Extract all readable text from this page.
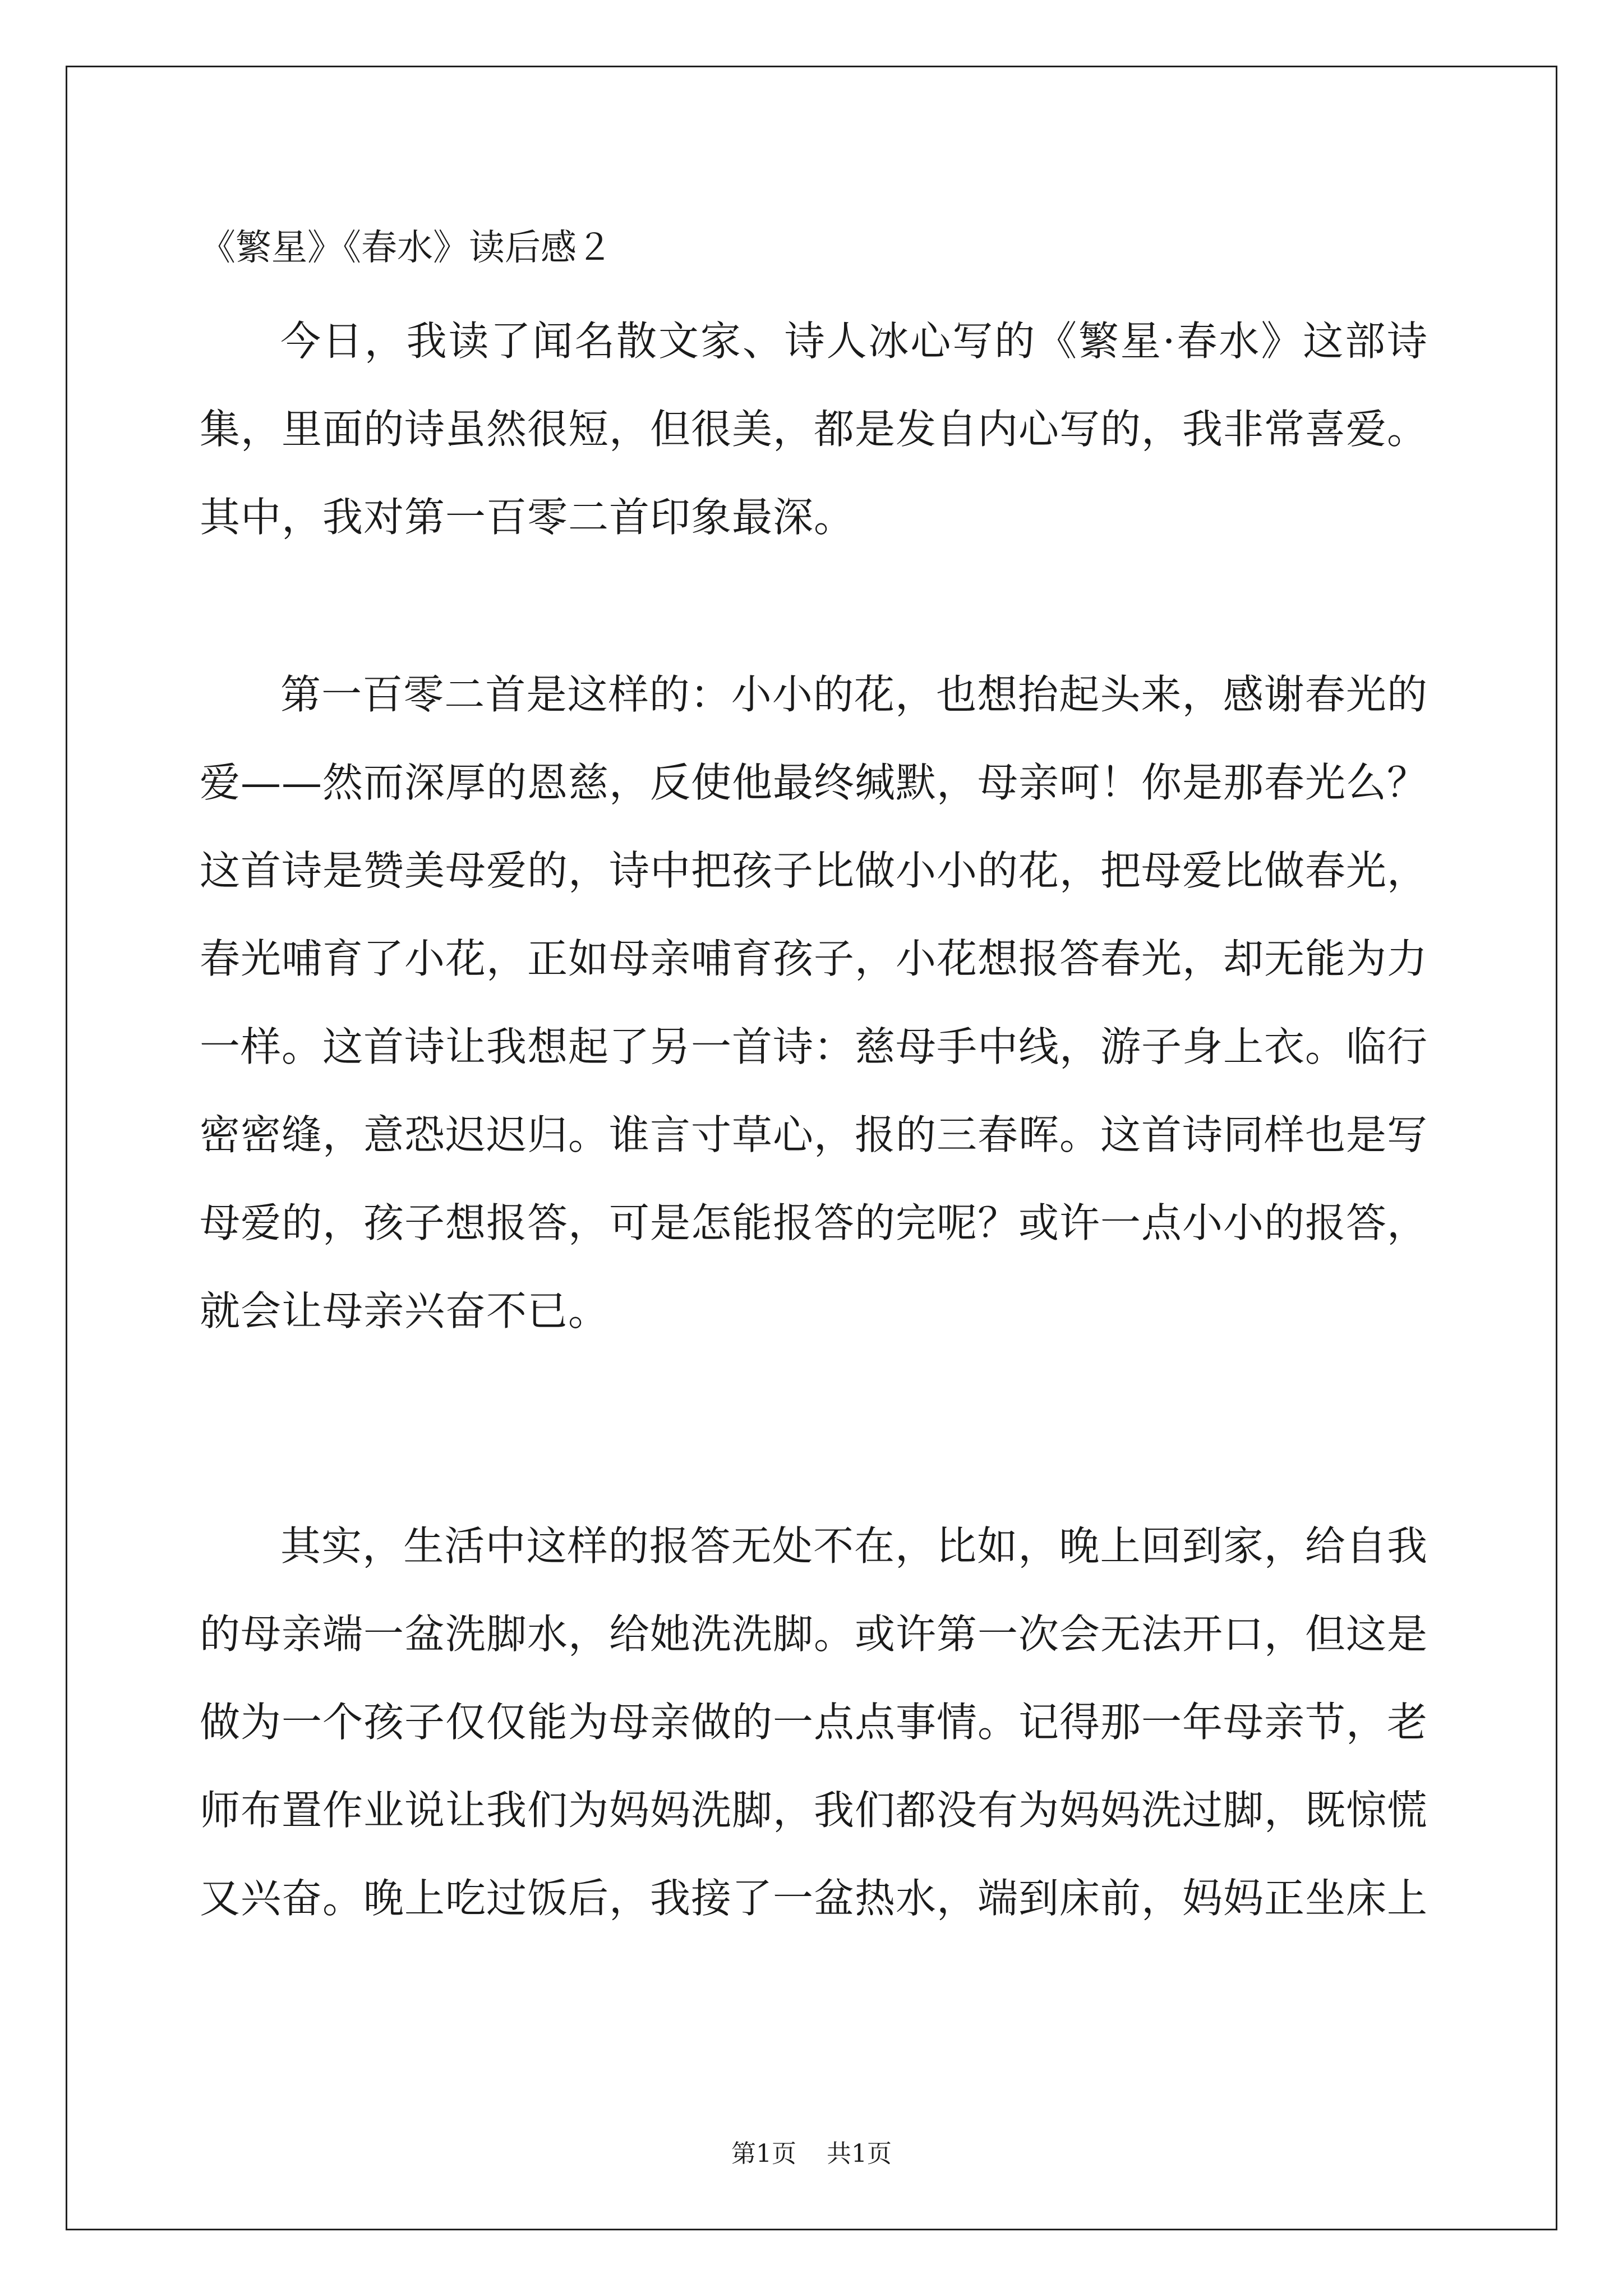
《繁星》《春水》读后感２

今日，我读了闻名散文家、诗人冰心写的《繁星·春水》这部诗集，里面的诗虽然很短，但很美，都是发自内心写的，我非常喜爱。其中，我对第一百零二首印象最深。

第一百零二首是这样的：小小的花，也想抬起头来，感谢春光的爱——然而深厚的恩慈，反使他最终缄默，母亲呵！你是那春光么？这首诗是赞美母爱的，诗中把孩子比做小小的花，把母爱比做春光，春光哺育了小花，正如母亲哺育孩子，小花想报答春光，却无能为力一样。这首诗让我想起了另一首诗：慈母手中线，游子身上衣。临行密密缝，意恐迟迟归。谁言寸草心，报的三春晖。这首诗同样也是写母爱的，孩子想报答，可是怎能报答的完呢？或许一点小小的报答，就会让母亲兴奋不已。

其实，生活中这样的报答无处不在，比如，晚上回到家，给自我的母亲端一盆洗脚水，给她洗洗脚。或许第一次会无法开口，但这是做为一个孩子仅仅能为母亲做的一点点事情。记得那一年母亲节，老师布置作业说让我们为妈妈洗脚，我们都没有为妈妈洗过脚，既惊慌又兴奋。晚上吃过饭后，我接了一盆热水，端到床前，妈妈正坐床上

第1页 共1页
